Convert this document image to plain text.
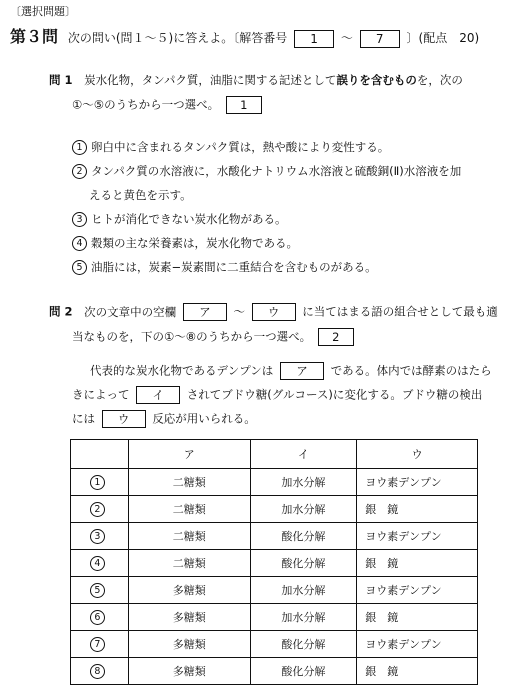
〔選択問題〕
第３問 次の問い(問１～５)に答えよ。〔解答番号 1 ～ 7 〕(配点　20)
問 1 炭水化物，タンパク質，油脂に関する記述として誤りを含むものを，次の
①～⑤のうちから一つ選べ。 1
1 卵白中に含まれるタンパク質は，熱や酸により変性する。
2 タンパク質の水溶液に，水酸化ナトリウム水溶液と硫酸銅(Ⅱ)水溶液を加
えると黄色を示す。
3 ヒトが消化できない炭水化物がある。
4 穀類の主な栄養素は，炭水化物である。
5 油脂には，炭素−炭素間に二重結合を含むものがある。
問 2 次の文章中の空欄 ア ～ ウ に当てはまる語の組合せとして最も適
当なものを，下の①～⑧のうちから一つ選べ。 2
代表的な炭水化物であるデンプンは ア である。体内では酵素のはたら
きによって イ されてブドウ糖(グルコース)に変化する。ブドウ糖の検出
には ウ 反応が用いられる。
	ア	イ	ウ
1	二糖類	加水分解	ヨウ素デンプン
2	二糖類	加水分解	銀　鏡
3	二糖類	酸化分解	ヨウ素デンプン
4	二糖類	酸化分解	銀　鏡
5	多糖類	加水分解	ヨウ素デンプン
6	多糖類	加水分解	銀　鏡
7	多糖類	酸化分解	ヨウ素デンプン
8	多糖類	酸化分解	銀　鏡
